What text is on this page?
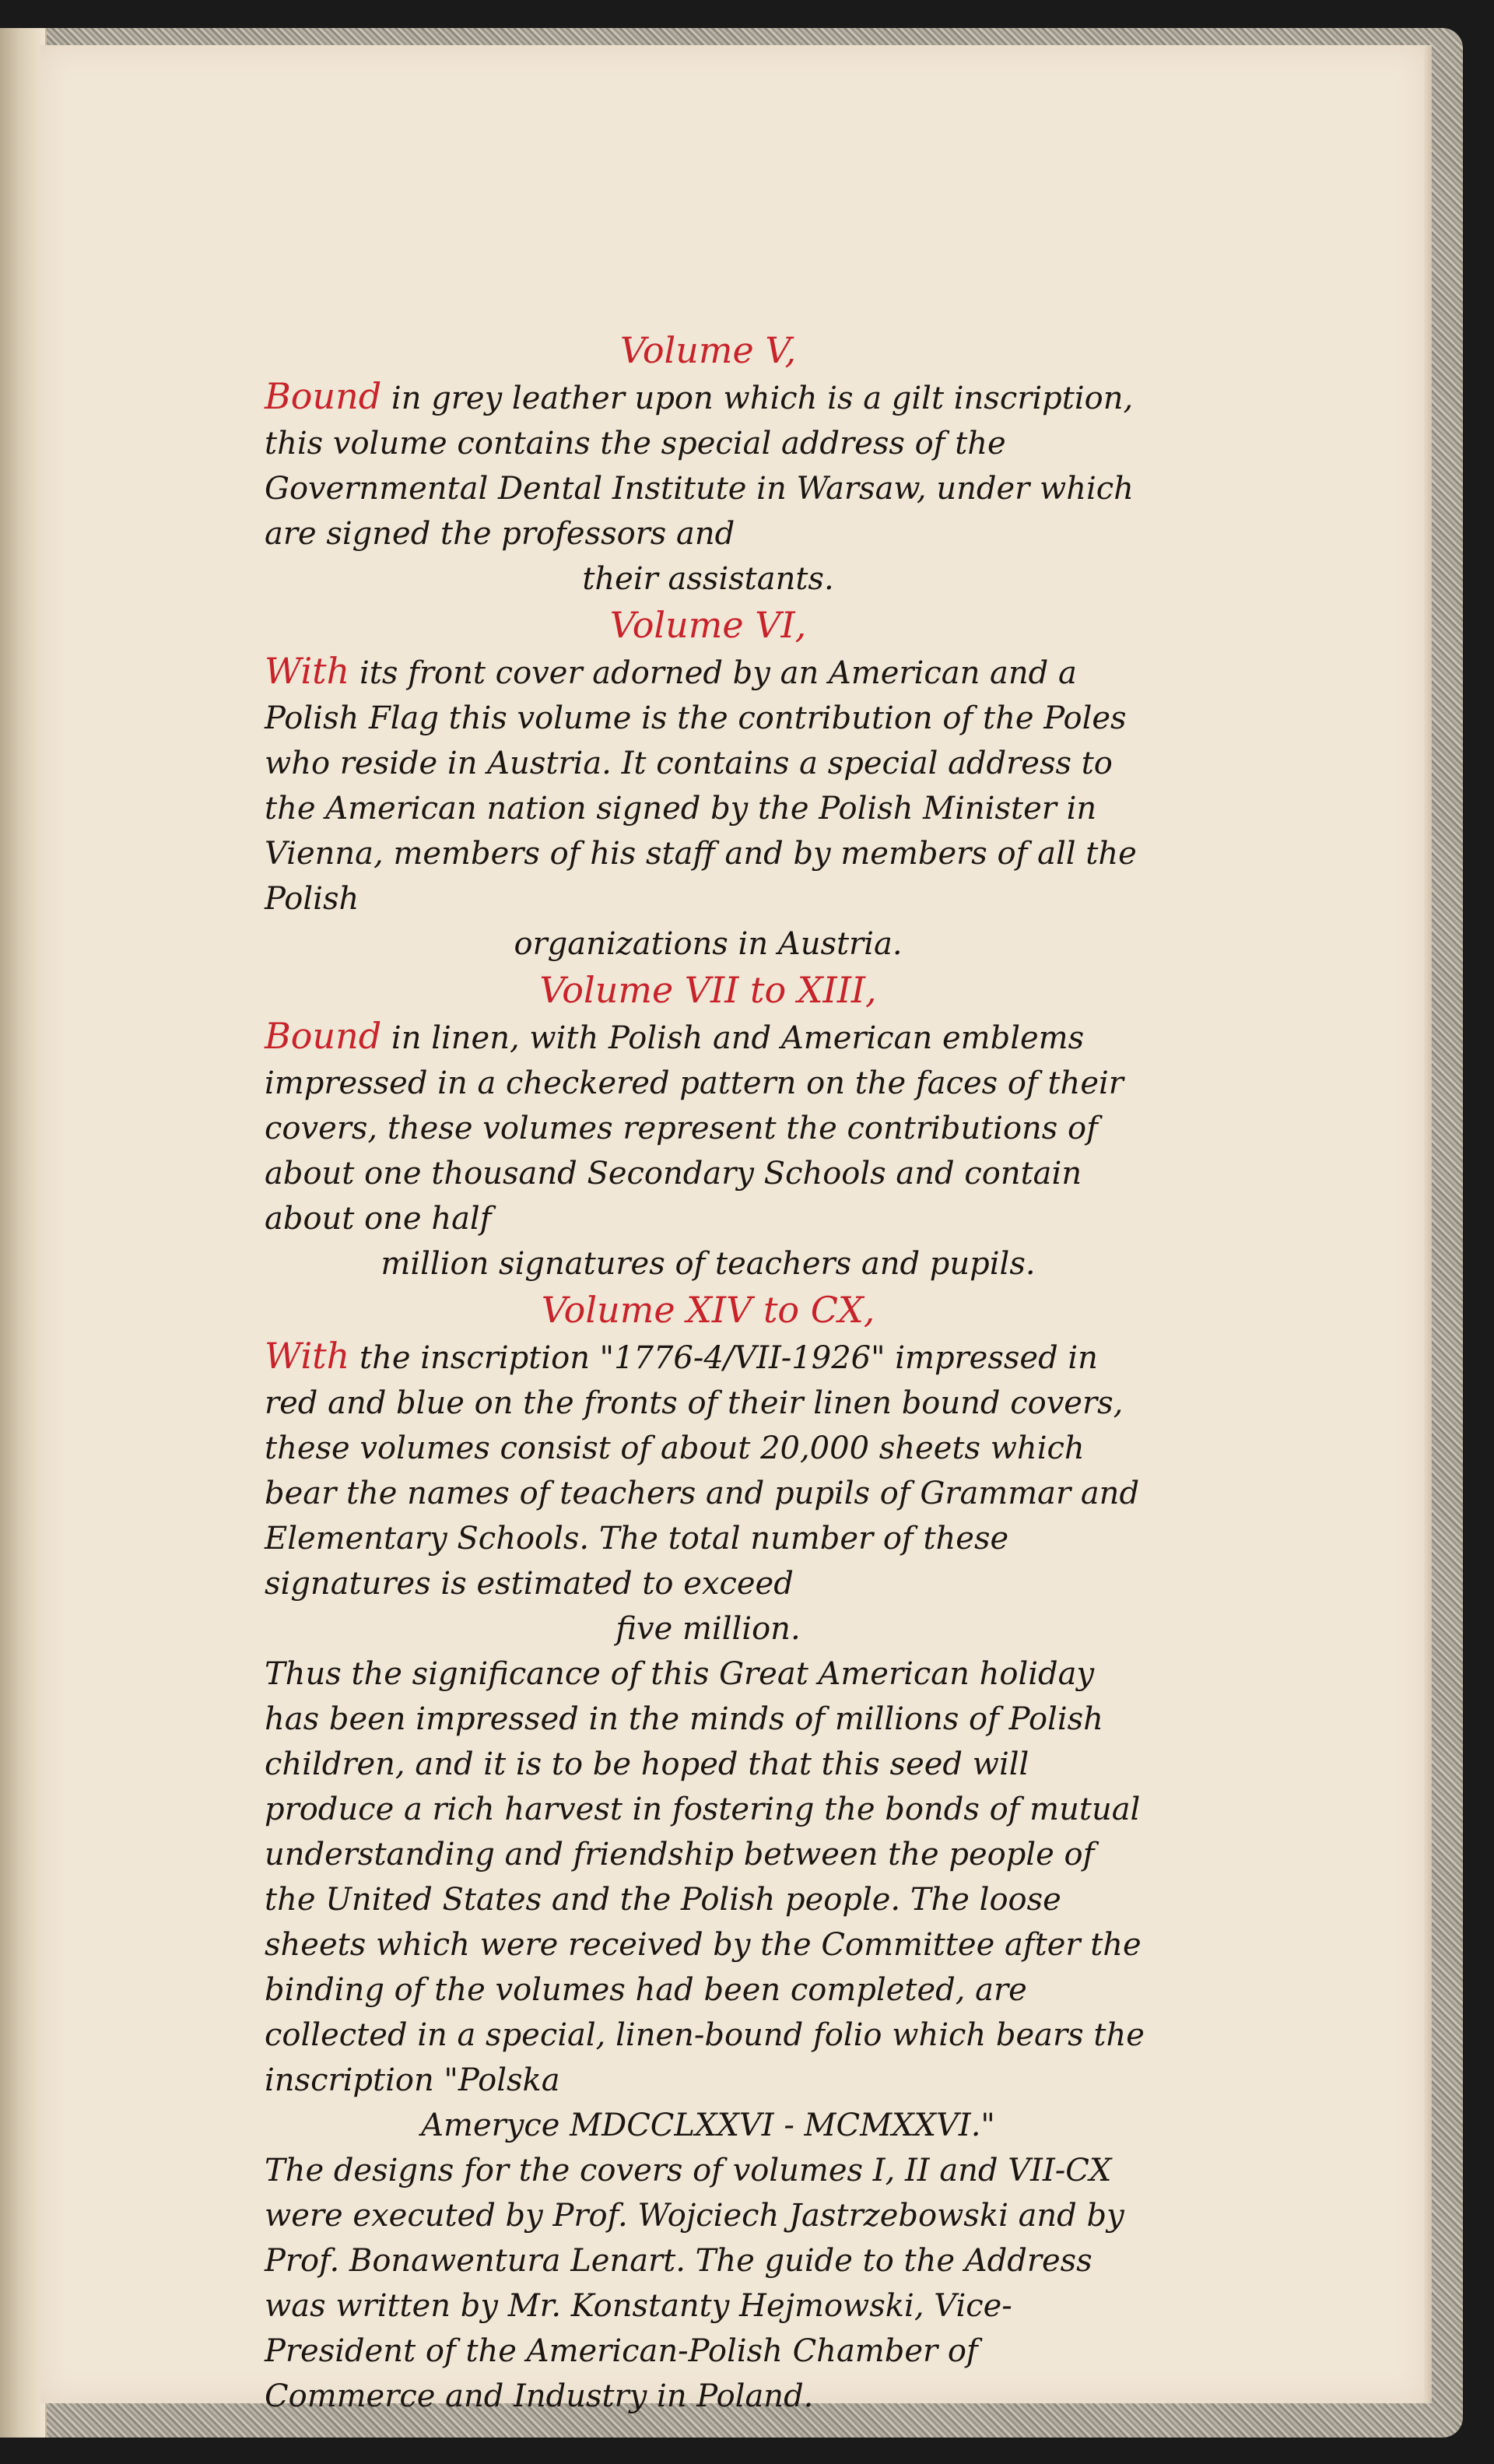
Volume V,

Bound in grey leather upon which is a gilt inscription, this volume contains the special address of the Governmental Dental Institute in Warsaw, under which are signed the professors and
their assistants.

Volume VI,

With its front cover adorned by an American and a Polish Flag this volume is the contribution of the Poles who reside in Austria. It contains a special address to the American nation signed by the Polish Minister in Vienna, members of his staff and by members of all the Polish
organizations in Austria.

Volume VII to XIII,

Bound in linen, with Polish and American emblems impressed in a checkered pattern on the faces of their covers, these volumes represent the contributions of about one thousand Secondary Schools and contain about one half
million signatures of teachers and pupils.

Volume XIV to CX,

With the inscription "1776-4/VII-1926" impressed in red and blue on the fronts of their linen bound covers, these volumes consist of about 20,000 sheets which bear the names of teachers and pupils of Grammar and Elementary Schools. The total number of these signatures is estimated to exceed
five million.

Thus the significance of this Great American holiday has been impressed in the minds of millions of Polish children, and it is to be hoped that this seed will produce a rich harvest in fostering the bonds of mutual understanding and friendship between the people of the United States and the Polish people. The loose sheets which were received by the Committee after the binding of the volumes had been completed, are collected in a special, linen-bound folio which bears the inscription "Polska
Ameryce MDCCLXXVI - MCMXXVI."

The designs for the covers of volumes I, II and VII-CX were executed by Prof. Wojciech Jastrzebowski and by Prof. Bonawentura Lenart. The guide to the Address was written by Mr. Konstanty Hejmowski, Vice-President of the American-Polish Chamber of Commerce and Industry in Poland.
